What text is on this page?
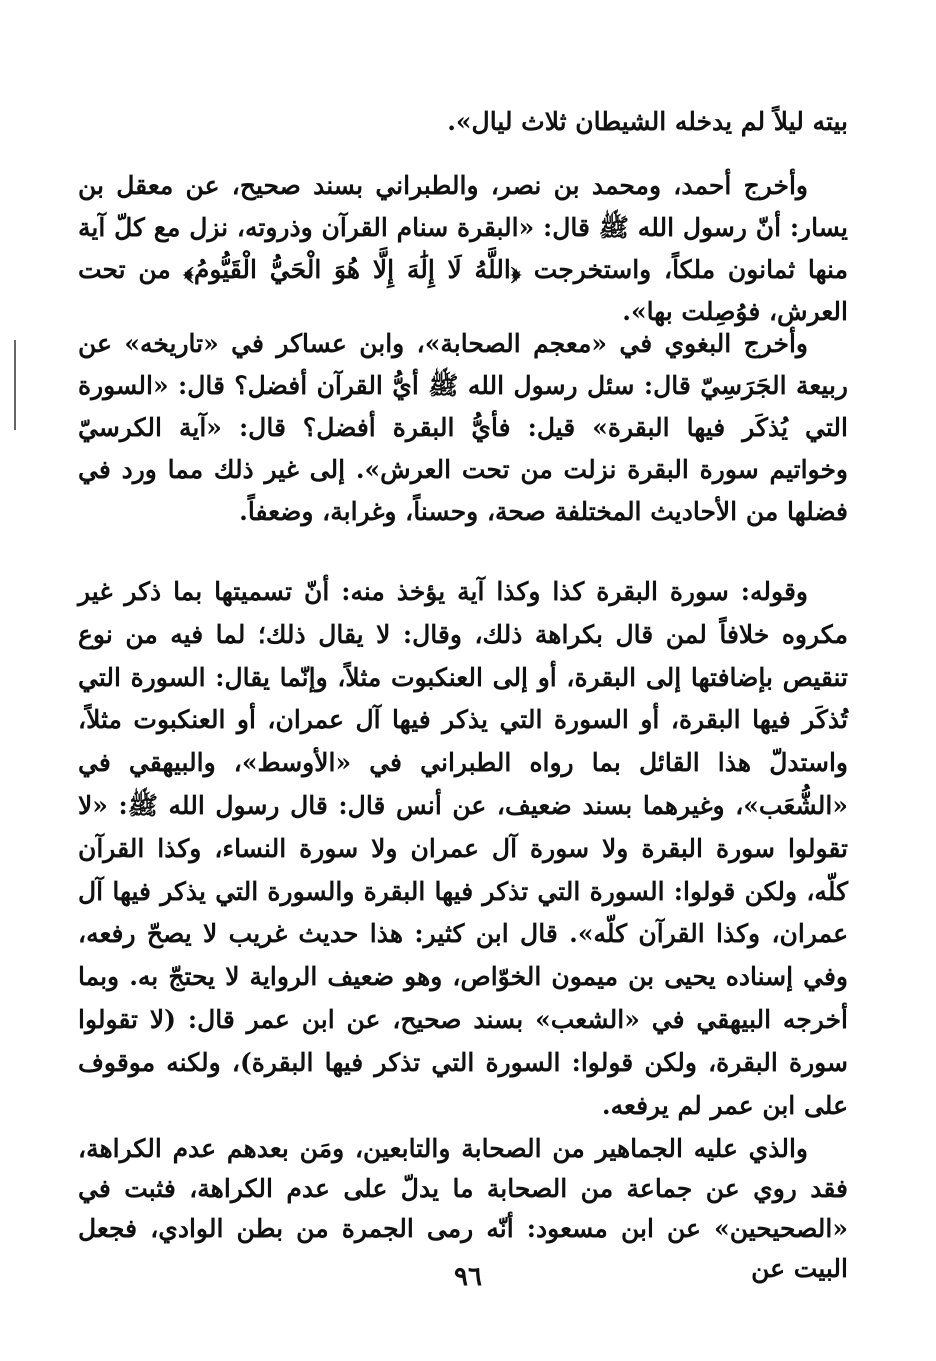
بيته ليلاً لم يدخله الشيطان ثلاث ليال».

وأخرج أحمد، ومحمد بن نصر، والطبراني بسند صحيح، عن معقل بن يسار: أنّ رسول الله ﷺ قال: «البقرة سنام القرآن وذروته، نزل مع كلّ آية منها ثمانون ملكاً، واستخرجت ﴿اللَّهُ لَا إِلَٰهَ إِلَّا هُوَ الْحَيُّ الْقَيُّومُ﴾ من تحت العرش، فوُصِلت بها».

وأخرج البغوي في «معجم الصحابة»، وابن عساكر في «تاريخه» عن ربيعة الجَرَسِيّ قال: سئل رسول الله ﷺ أيُّ القرآن أفضل؟ قال: «السورة التي يُذكَر فيها البقرة» قيل: فأيُّ البقرة أفضل؟ قال: «آية الكرسيّ وخواتيم سورة البقرة نزلت من تحت العرش». إلى غير ذلك مما ورد في فضلها من الأحاديث المختلفة صحة، وحسناً، وغرابة، وضعفاً.

وقوله: سورة البقرة كذا وكذا آية يؤخذ منه: أنّ تسميتها بما ذكر غير مكروه خلافاً لمن قال بكراهة ذلك، وقال: لا يقال ذلك؛ لما فيه من نوع تنقيص بإضافتها إلى البقرة، أو إلى العنكبوت مثلاً، وإنّما يقال: السورة التي تُذكَر فيها البقرة، أو السورة التي يذكر فيها آل عمران، أو العنكبوت مثلاً، واستدلّ هذا القائل بما رواه الطبراني في «الأوسط»، والبيهقي في «الشُّعَب»، وغيرهما بسند ضعيف، عن أنس قال: قال رسول الله ﷺ: «لا تقولوا سورة البقرة ولا سورة آل عمران ولا سورة النساء، وكذا القرآن كلّه، ولكن قولوا: السورة التي تذكر فيها البقرة والسورة التي يذكر فيها آل عمران، وكذا القرآن كلّه». قال ابن كثير: هذا حديث غريب لا يصحّ رفعه، وفي إسناده يحيى بن ميمون الخوّاص، وهو ضعيف الرواية لا يحتجّ به. وبما أخرجه البيهقي في «الشعب» بسند صحيح، عن ابن عمر قال: (لا تقولوا سورة البقرة، ولكن قولوا: السورة التي تذكر فيها البقرة)، ولكنه موقوف على ابن عمر لم يرفعه.

والذي عليه الجماهير من الصحابة والتابعين، ومَن بعدهم عدم الكراهة، فقد روي عن جماعة من الصحابة ما يدلّ على عدم الكراهة، فثبت في «الصحيحين» عن ابن مسعود: أنّه رمى الجمرة من بطن الوادي، فجعل البيت عن

٩٦
